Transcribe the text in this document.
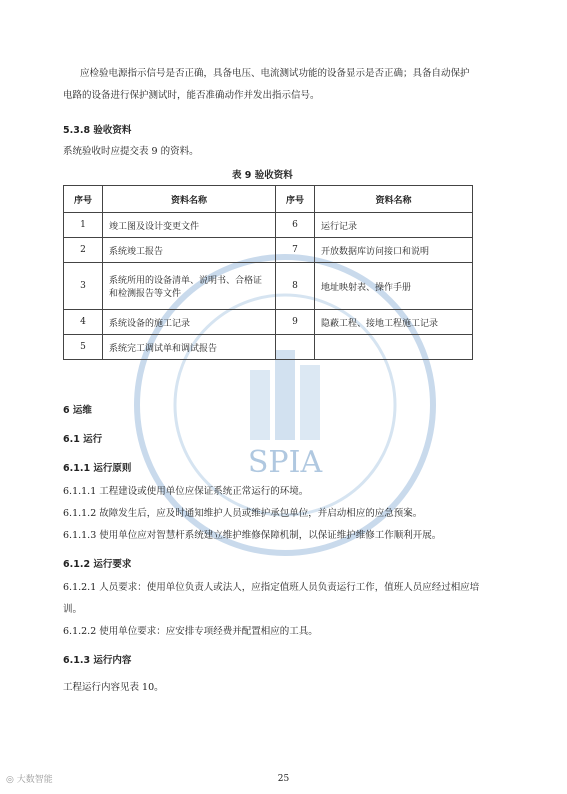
SPIA
应检验电源指示信号是否正确，具备电压、电流测试功能的设备显示是否正确；具备自动保护
电路的设备进行保护测试时，能否准确动作并发出指示信号。
5.3.8 验收资料
系统验收时应提交表 9 的资料。
表 9 验收资料
序号	资料名称	序号	资料名称
1	竣工图及设计变更文件	6	运行记录
2	系统竣工报告	7	开放数据库访问接口和说明
3	系统所用的设备清单、说明书、合格证和检测报告等文件	8	地址映射表、操作手册
4	系统设备的施工记录	9	隐蔽工程、接地工程施工记录
5	系统完工调试单和调试报告		
6 运维
6.1 运行
6.1.1 运行原则
6.1.1.1 工程建设或使用单位应保证系统正常运行的环境。
6.1.1.2 故障发生后，应及时通知维护人员或维护承包单位，并启动相应的应急预案。
6.1.1.3 使用单位应对智慧杆系统建立维护维修保障机制，以保证维护维修工作顺利开展。
6.1.2 运行要求
6.1.2.1 人员要求：使用单位负责人或法人，应指定值班人员负责运行工作，值班人员应经过相应培
训。
6.1.2.2 使用单位要求：应安排专项经费并配置相应的工具。
6.1.3 运行内容
工程运行内容见表 10。
◎ 大数智能	25
